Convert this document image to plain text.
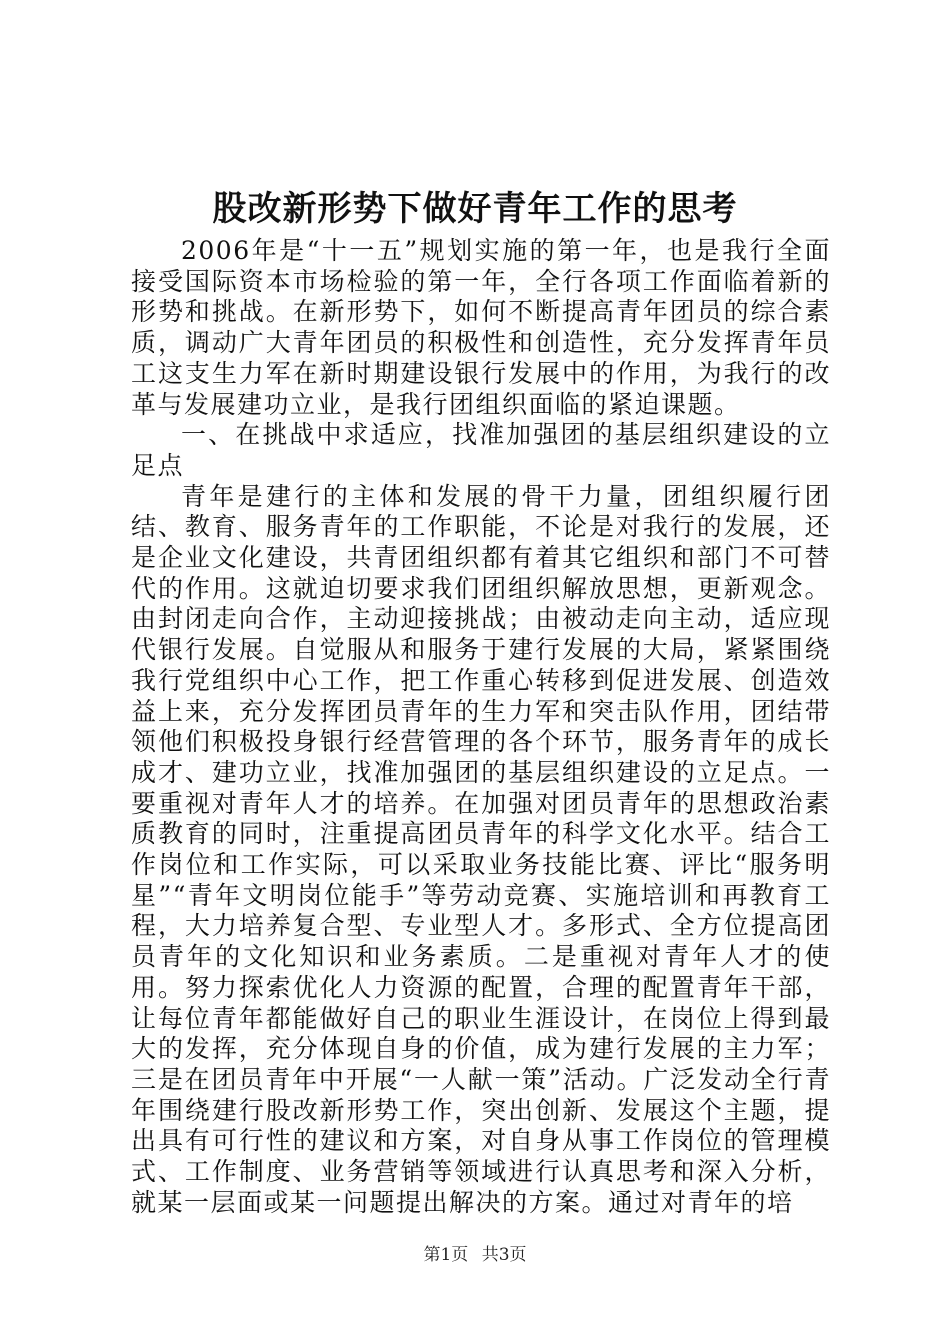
股改新形势下做好青年工作的思考

2006年是“十一五”规划实施的第一年，也是我行全面接受国际资本市场检验的第一年，全行各项工作面临着新的形势和挑战。在新形势下，如何不断提高青年团员的综合素质，调动广大青年团员的积极性和创造性，充分发挥青年员工这支生力军在新时期建设银行发展中的作用，为我行的改革与发展建功立业，是我行团组织面临的紧迫课题。

一、在挑战中求适应，找准加强团的基层组织建设的立足点

青年是建行的主体和发展的骨干力量，团组织履行团结、教育、服务青年的工作职能，不论是对我行的发展，还是企业文化建设，共青团组织都有着其它组织和部门不可替代的作用。这就迫切要求我们团组织解放思想，更新观念。由封闭走向合作，主动迎接挑战；由被动走向主动，适应现代银行发展。自觉服从和服务于建行发展的大局，紧紧围绕我行党组织中心工作，把工作重心转移到促进发展、创造效益上来，充分发挥团员青年的生力军和突击队作用，团结带领他们积极投身银行经营管理的各个环节，服务青年的成长成才、建功立业，找准加强团的基层组织建设的立足点。一要重视对青年人才的培养。在加强对团员青年的思想政治素质教育的同时，注重提高团员青年的科学文化水平。结合工作岗位和工作实际，可以采取业务技能比赛、评比“服务明星”“青年文明岗位能手”等劳动竞赛、实施培训和再教育工程，大力培养复合型、专业型人才。多形式、全方位提高团员青年的文化知识和业务素质。二是重视对青年人才的使用。努力探索优化人力资源的配置，合理的配置青年干部，让每位青年都能做好自己的职业生涯设计，在岗位上得到最大的发挥，充分体现自身的价值，成为建行发展的主力军；三是在团员青年中开展“一人献一策”活动。广泛发动全行青年围绕建行股改新形势工作，突出创新、发展这个主题，提出具有可行性的建议和方案，对自身从事工作岗位的管理模式、工作制度、业务营销等领域进行认真思考和深入分析，就某一层面或某一问题提出解决的方案。通过对青年的培

第1页 共3页
